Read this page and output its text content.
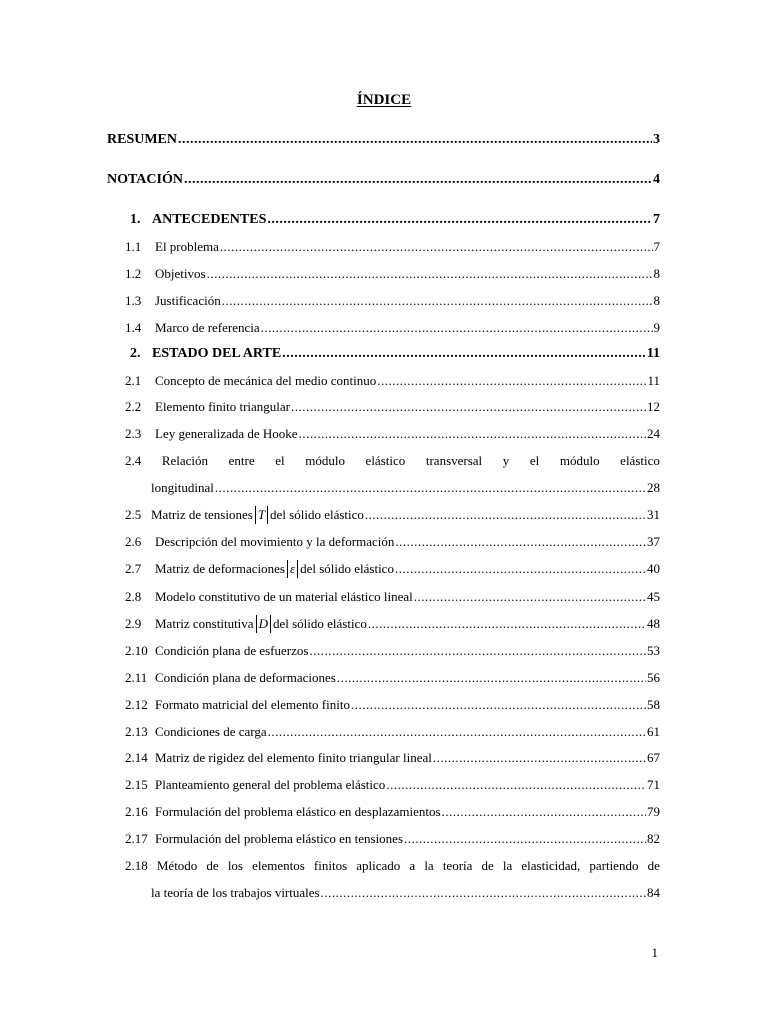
ÍNDICE
RESUMEN .....	3
NOTACIÓN .....	4
1. ANTECEDENTES .....	7
1.1	El problema .....	7
1.2	Objetivos .....	8
1.3	Justificación .....	8
1.4	Marco de referencia .....	9
2. ESTADO DEL ARTE .....	11
2.1	Concepto de mecánica del medio continuo .....	11
2.2	Elemento finito triangular .....	12
2.3	Ley generalizada de Hooke .....	24
2.4 Relación entre el módulo elástico transversal y el módulo elástico
longitudinal .....	28
2.5 Matriz de tensiones T del sólido elástico .....	31
2.6	Descripción del movimiento y la deformación .....	37
2.7	Matriz de deformaciones ε del sólido elástico .....	40
2.8	Modelo constitutivo de un material elástico lineal .....	45
2.9	Matriz constitutiva D del sólido elástico .....	48
2.10 Condición plana de esfuerzos .....	53
2.11 Condición plana de deformaciones .....	56
2.12 Formato matricial del elemento finito .....	58
2.13 Condiciones de carga .....	61
2.14 Matriz de rigidez del elemento finito triangular lineal .....	67
2.15 Planteamiento general del problema elástico .....	71
2.16 Formulación del problema elástico en desplazamientos .....	79
2.17 Formulación del problema elástico en tensiones .....	82
2.18 Método de los elementos finitos aplicado a la teoría de la elasticidad, partiendo de
la teoría de los trabajos virtuales .....	84
1
